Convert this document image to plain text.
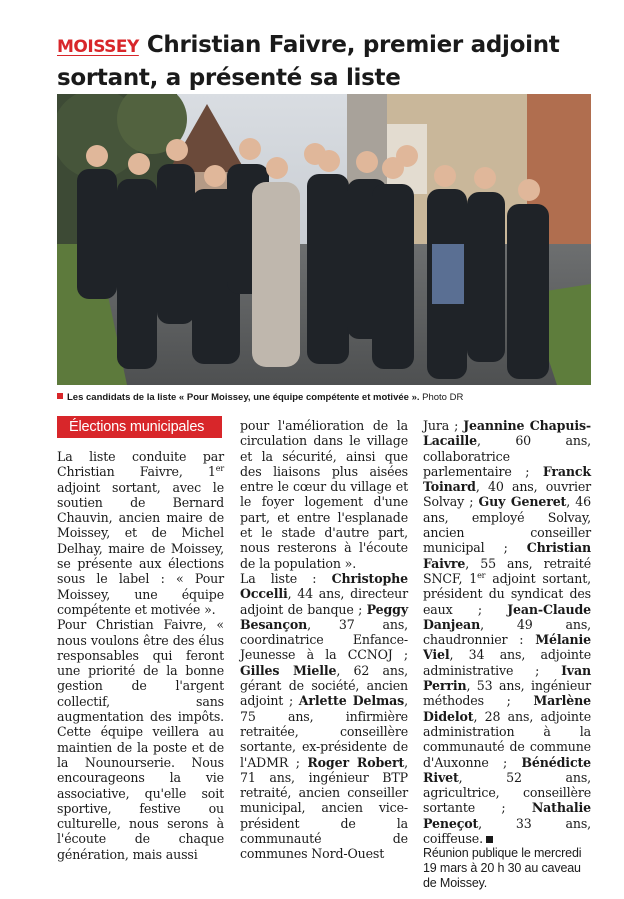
MOISSEY Christian Faivre, premier adjoint sortant, a présenté sa liste
Les candidats de la liste « Pour Moissey, une équipe compétente et motivée ». Photo DR
Élections municipales

La liste conduite par Christian Faivre, 1er adjoint sortant, avec le soutien de Bernard Chauvin, ancien maire de Moissey, et de Michel Delhay, maire de Moissey, se présente aux élections sous le label : « Pour Moissey, une équipe compétente et motivée ».

Pour Christian Faivre, « nous voulons être des élus responsables qui feront une priorité de la bonne gestion de l'argent collectif, sans augmentation des impôts. Cette équipe veillera au maintien de la poste et de la Nounourserie. Nous encourageons la vie associative, qu'elle soit sportive, festive ou culturelle, nous serons à l'écoute de chaque génération, mais aussi

pour l'amélioration de la circulation dans le village et la sécurité, ainsi que des liaisons plus aisées entre le cœur du village et le foyer logement d'une part, et entre l'esplanade et le stade d'autre part, nous resterons à l'écoute de la population ».

La liste : Christophe Occelli, 44 ans, directeur adjoint de banque ; Peggy Besançon, 37 ans, coordinatrice Enfance-Jeunesse à la CCNOJ ; Gilles Mielle, 62 ans, gérant de société, ancien adjoint ; Arlette Delmas, 75 ans, infirmière retraitée, conseillère sortante, ex-présidente de l'ADMR ; Roger Robert, 71 ans, ingénieur BTP retraité, ancien conseiller municipal, ancien vice-président de la communauté de communes Nord-Ouest

Jura ; Jeannine Chapuis-Lacaille, 60 ans, collaboratrice parlementaire ; Franck Toinard, 40 ans, ouvrier Solvay ; Guy Generet, 46 ans, employé Solvay, ancien conseiller municipal ; Christian Faivre, 55 ans, retraité SNCF, 1er adjoint sortant, président du syndicat des eaux ; Jean-Claude Danjean, 49 ans, chaudronnier : Mélanie Viel, 34 ans, adjointe administrative ; Ivan Perrin, 53 ans, ingénieur méthodes ; Marlène Didelot, 28 ans, adjointe administration à la communauté de commune d'Auxonne ; Bénédicte Rivet, 52 ans, agricultrice, conseillère sortante ; Nathalie Peneçot, 33 ans, coiffeuse.

Réunion publique le mercredi 19 mars à 20 h 30 au caveau de Moissey.
